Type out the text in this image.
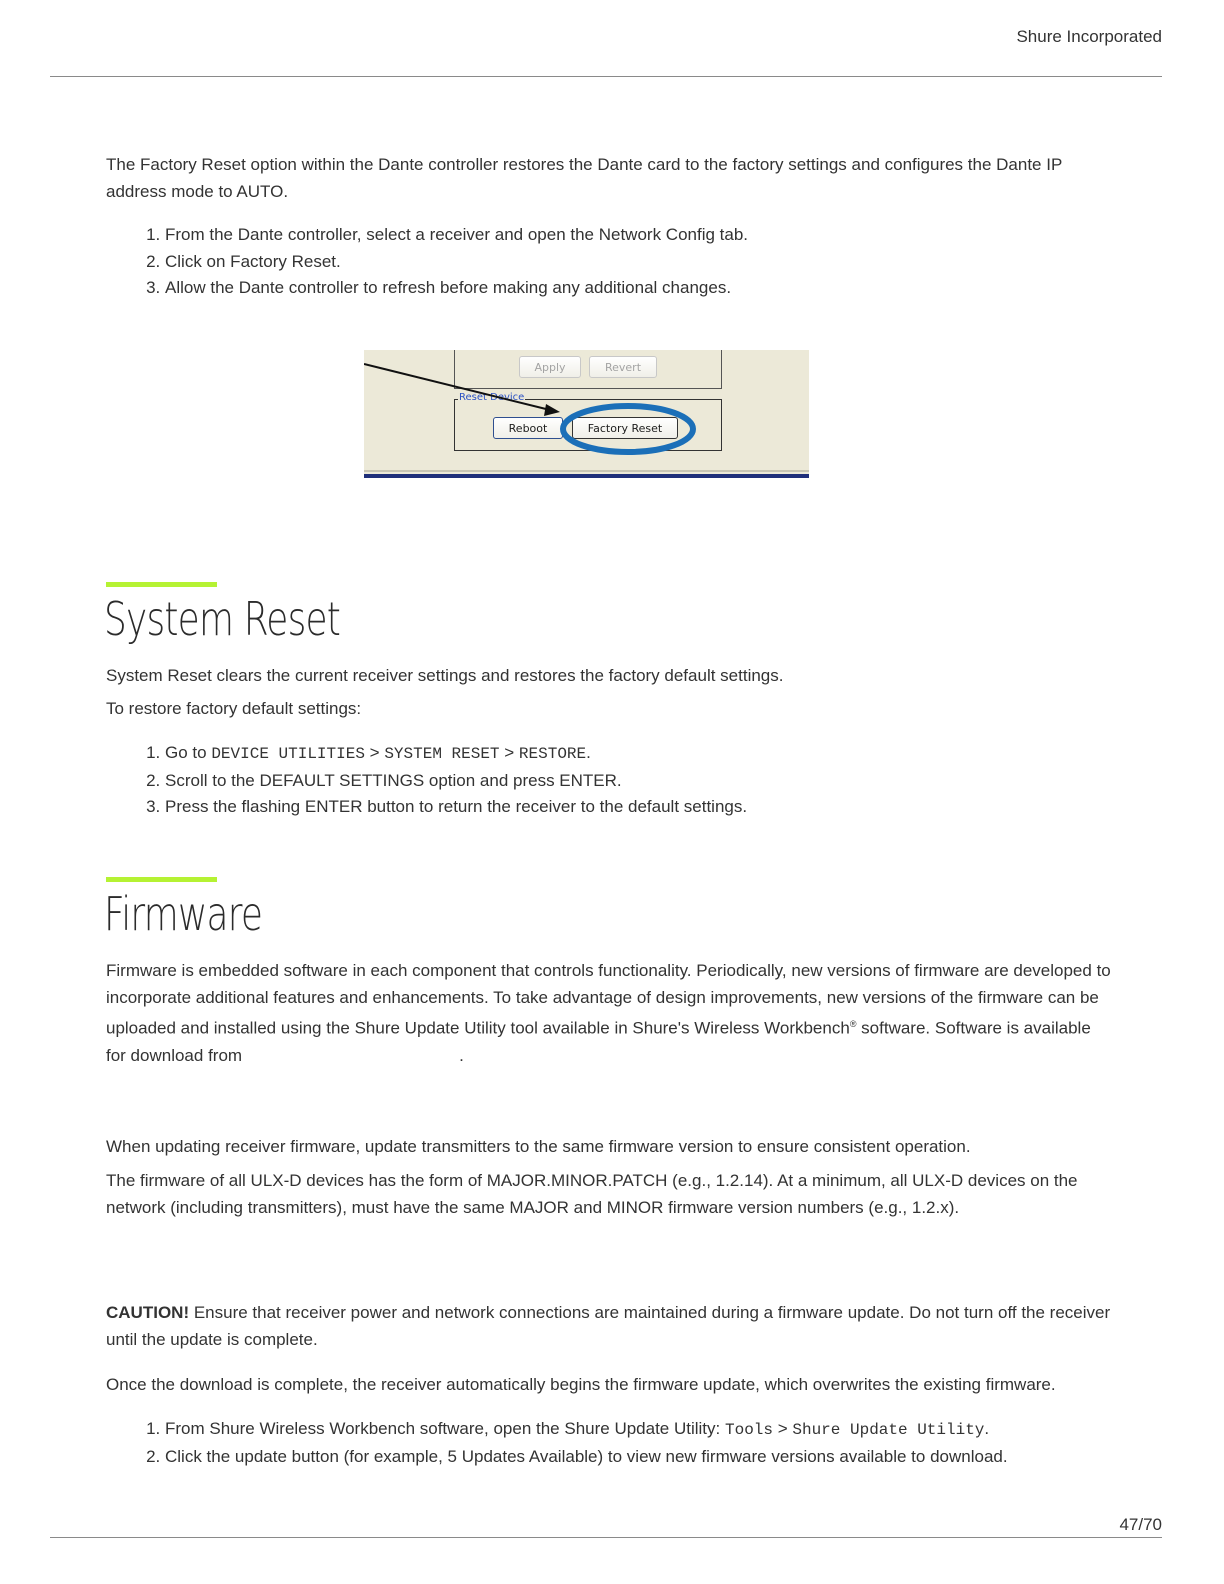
Shure Incorporated

The Factory Reset option within the Dante controller restores the Dante card to the factory settings and configures the Dante IP address mode to AUTO.

1. From the Dante controller, select a receiver and open the Network Config tab.
2. Click on Factory Reset.
3. Allow the Dante controller to refresh before making any additional changes.
Apply	Revert
Reset Device
Reboot	Factory Reset
System Reset

System Reset clears the current receiver settings and restores the factory default settings.

To restore factory default settings:

1. Go to DEVICE UTILITIES > SYSTEM RESET > RESTORE.
2. Scroll to the DEFAULT SETTINGS option and press ENTER.
3. Press the flashing ENTER button to return the receiver to the default settings.
Firmware

Firmware is embedded software in each component that controls functionality. Periodically, new versions of firmware are developed to incorporate additional features and enhancements. To take advantage of design improvements, new versions of the firmware can be uploaded and installed using the Shure Update Utility tool available in Shure's Wireless Workbench® software. Software is available for download from	.

When updating receiver firmware, update transmitters to the same firmware version to ensure consistent operation.

The firmware of all ULX-D devices has the form of MAJOR.MINOR.PATCH (e.g., 1.2.14). At a minimum, all ULX-D devices on the network (including transmitters), must have the same MAJOR and MINOR firmware version numbers (e.g., 1.2.x).

CAUTION! Ensure that receiver power and network connections are maintained during a firmware update. Do not turn off the receiver until the update is complete.

Once the download is complete, the receiver automatically begins the firmware update, which overwrites the existing firmware.

1. From Shure Wireless Workbench software, open the Shure Update Utility: Tools > Shure Update Utility.
2. Click the update button (for example, 5 Updates Available) to view new firmware versions available to download.
47/70
